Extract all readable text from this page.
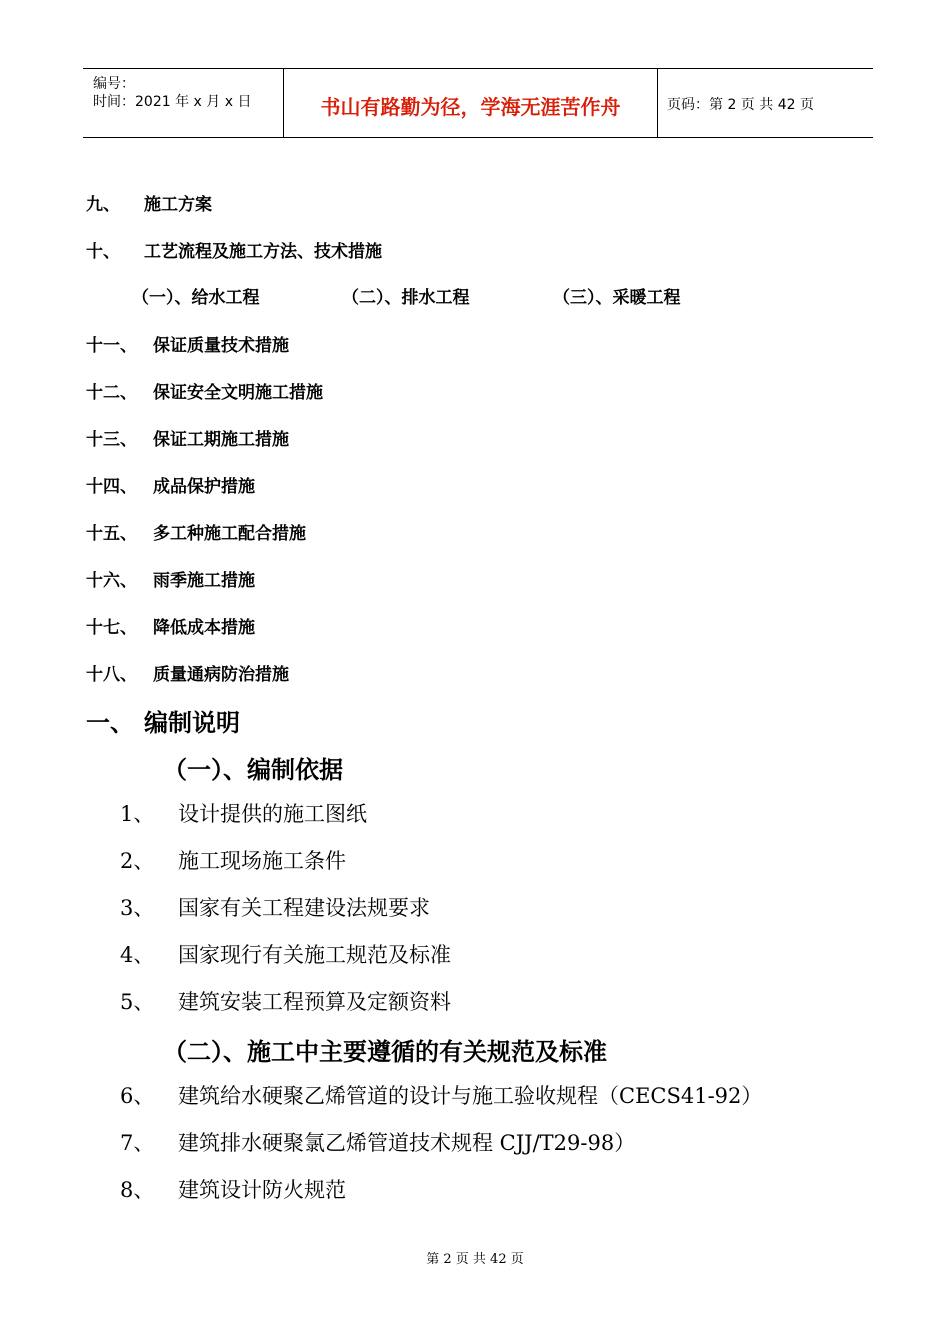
编号：
时间：2021 年 x 月 x 日	书山有路勤为径，学海无涯苦作舟	页码：第 2 页 共 42 页
九、 施工方案
十、 工艺流程及施工方法、技术措施
（一）、给水工程	（二）、排水工程	（三）、采暖工程
十一、 保证质量技术措施
十二、 保证安全文明施工措施
十三、 保证工期施工措施
十四、 成品保护措施
十五、 多工种施工配合措施
十六、 雨季施工措施
十七、 降低成本措施
十八、 质量通病防治措施
一、 编制说明
（一）、编制依据
1、 设计提供的施工图纸
2、 施工现场施工条件
3、 国家有关工程建设法规要求
4、 国家现行有关施工规范及标准
5、 建筑安装工程预算及定额资料
（二）、施工中主要遵循的有关规范及标准
6、 建筑给水硬聚乙烯管道的设计与施工验收规程（CECS41-92）
7、 建筑排水硬聚氯乙烯管道技术规程 CJJ/T29-98）
8、 建筑设计防火规范
第 2 页 共 42 页
